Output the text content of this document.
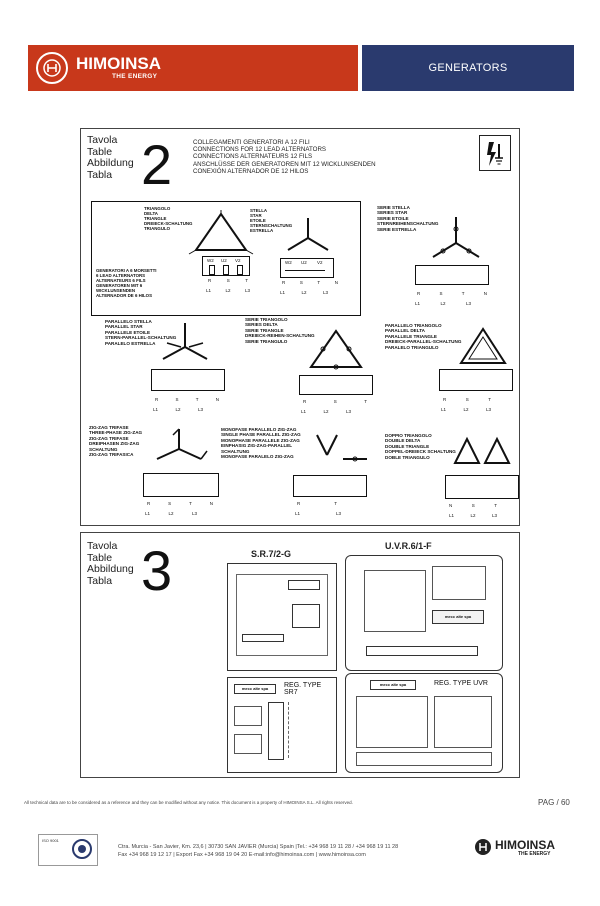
HIMOINSA
THE ENERGY
GENERATORS
Tavola
Table
Abbildung
Tabla 2	COLLEGAMENTI GENERATORI A 12 FILI
CONNECTIONS FOR 12 LEAD ALTERNATORS
CONNECTIONS ALTERNATEURS 12 FILS
ANSCHLÜSSE DER GENERATOREN MIT 12 WICKLUNSENDEN
CONEXIÓN ALTERNADOR DE 12 HILOS
TRIANGOLO
DELTA
TRIANGLE
DREIECK-SCHALTUNG
TRIANGULO
STELLA
STAR
ETOILE
STERNSCHALTUNG
ESTRELLA
GENERATORI A 6 MORSETTI
6 LEAD ALTERNATORS
ALTERNATEURS 6 FILS
GENERATOREN MIT 6
WICKLUNSENDEN
ALTERNADOR DE 6 HILOS
W2 U2 V2
R	S	T
L1	L2	L3
W2 U2 V2
R	S	T	N
L1	L2	L3
SERIE STELLA
SERIES STAR
SERIE ETOILE
STERNREIHENSCHALTUNG
SERIE ESTRELLA
R	S	T	N
L1	L2	L3
PARALLELO STELLA
PARALLEL STAR
PARALLELE ETOILE
STERN-PARALLEL-SCHALTUNG
PARALELO ESTRELLA
R	S	T	N
L1	L2	L3
SERIE TRIANGOLO
SERIES DELTA
SERIE TRIANGLE
DREIECK-REIHEN-SCHALTUNG
SERIE TRIANGULO
R	S	T
L1	L2	L3
PARALLELO TRIANGOLO
PARALLEL DELTA
PARALLELE TRIANGLE
DREIECK-PARALLEL-SCHALTUNG
PARALELO TRIANGULO
R	S	T
L1	L2	L3
ZIG-ZAG TRIFASE
THREE-PHASE ZIG-ZAG
ZIG-ZAG TRIFASE
DREIPHASEN ZIG-ZAG
SCHALTUNG
ZIG-ZAG TRIFASICA
R	S	T	N
L1	L2	L3
MONOFASE PARALLELO ZIG-ZAG
SINGLE PHASE PARALLEL ZIG-ZAG
MONOPHASE PARALLELE ZIG-ZAG
EINPHASIG ZIG-ZAG-PARALLEL
SCHALTUNG
MONOFASE PARALELO ZIG-ZAG
R	T
L1	L3
DOPPIO TRIANGOLO
DOUBLE DELTA
DOUBLE TRIANGLE
DOPPEL-DREIECK SCHALTUNG
DOBLE TRIANGULO
N	S	T
L1	L2	L3
Tavola
Table
Abbildung
Tabla 3	S.R.7/2-G
U.V.R.6/1-F
mecc alte spa
mecc alte spa	REG. TYPE SR7
mecc alte spa	REG. TYPE UVR
All technical data are to be considered as a reference and they can be modified without any notice. This document is a property of HIMOINSA S.L. All rights reserved.	PAG / 60
ISO 9001
Ctra. Murcia - San Javier, Km. 23,6 | 30730 SAN JAVIER (Murcia) Spain |Tel.: +34 968 19 11 28 / +34 968 19 11 28
Fax +34 968 19 12 17 | Export Fax +34 968 19 04 20 E-mail:info@himoinsa.com | www.himoinsa.com
HIMOINSA
THE ENERGY
